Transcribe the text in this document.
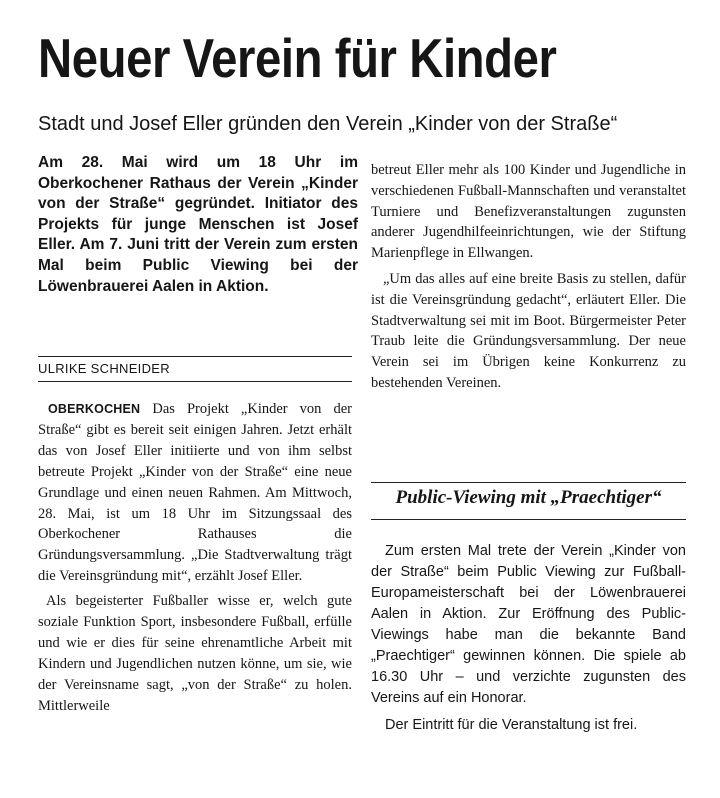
Neuer Verein für Kinder
Stadt und Josef Eller gründen den Verein „Kinder von der Straße“

Am 28. Mai wird um 18 Uhr im Oberkochener Rathaus der Verein „Kinder von der Straße“ gegründet. Initiator des Projekts für junge Menschen ist Josef Eller. Am 7. Juni tritt der Verein zum ersten Mal beim Public Viewing bei der Löwenbrauerei Aalen in Aktion.

ULRIKE SCHNEIDER

OBERKOCHEN Das Projekt „Kinder von der Straße“ gibt es bereit seit einigen Jahren. Jetzt erhält das von Josef Eller initiierte und von ihm selbst betreute Projekt „Kinder von der Straße“ eine neue Grundlage und einen neuen Rahmen. Am Mittwoch, 28. Mai, ist um 18 Uhr im Sitzungssaal des Oberkochener Rathauses die Gründungsversammlung. „Die Stadtverwaltung trägt die Vereinsgründung mit“, erzählt Josef Eller.

Als begeisterter Fußballer wisse er, welch gute soziale Funktion Sport, insbesondere Fußball, erfülle und wie er dies für seine ehrenamtliche Arbeit mit Kindern und Jugendlichen nutzen könne, um sie, wie der Vereinsname sagt, „von der Straße“ zu holen. Mittlerweile

betreut Eller mehr als 100 Kinder und Jugendliche in verschiedenen Fußball-Mannschaften und veranstaltet Turniere und Benefizveranstaltungen zugunsten anderer Jugendhilfeeinrichtungen, wie der Stiftung Marienpflege in Ellwangen.

„Um das alles auf eine breite Basis zu stellen, dafür ist die Vereinsgründung gedacht“, erläutert Eller. Die Stadtverwaltung sei mit im Boot. Bürgermeister Peter Traub leite die Gründungsversammlung. Der neue Verein sei im Übrigen keine Konkurrenz zu bestehenden Vereinen.

Public-Viewing mit „Praechtiger“

Zum ersten Mal trete der Verein „Kinder von der Straße“ beim Public Viewing zur Fußball-Europameisterschaft bei der Löwenbrauerei Aalen in Aktion. Zur Eröffnung des Public-Viewings habe man die bekannte Band „Praechtiger“ gewinnen können. Die spiele ab 16.30 Uhr – und verzichte zugunsten des Vereins auf ein Honorar.

Der Eintritt für die Veranstaltung ist frei.
